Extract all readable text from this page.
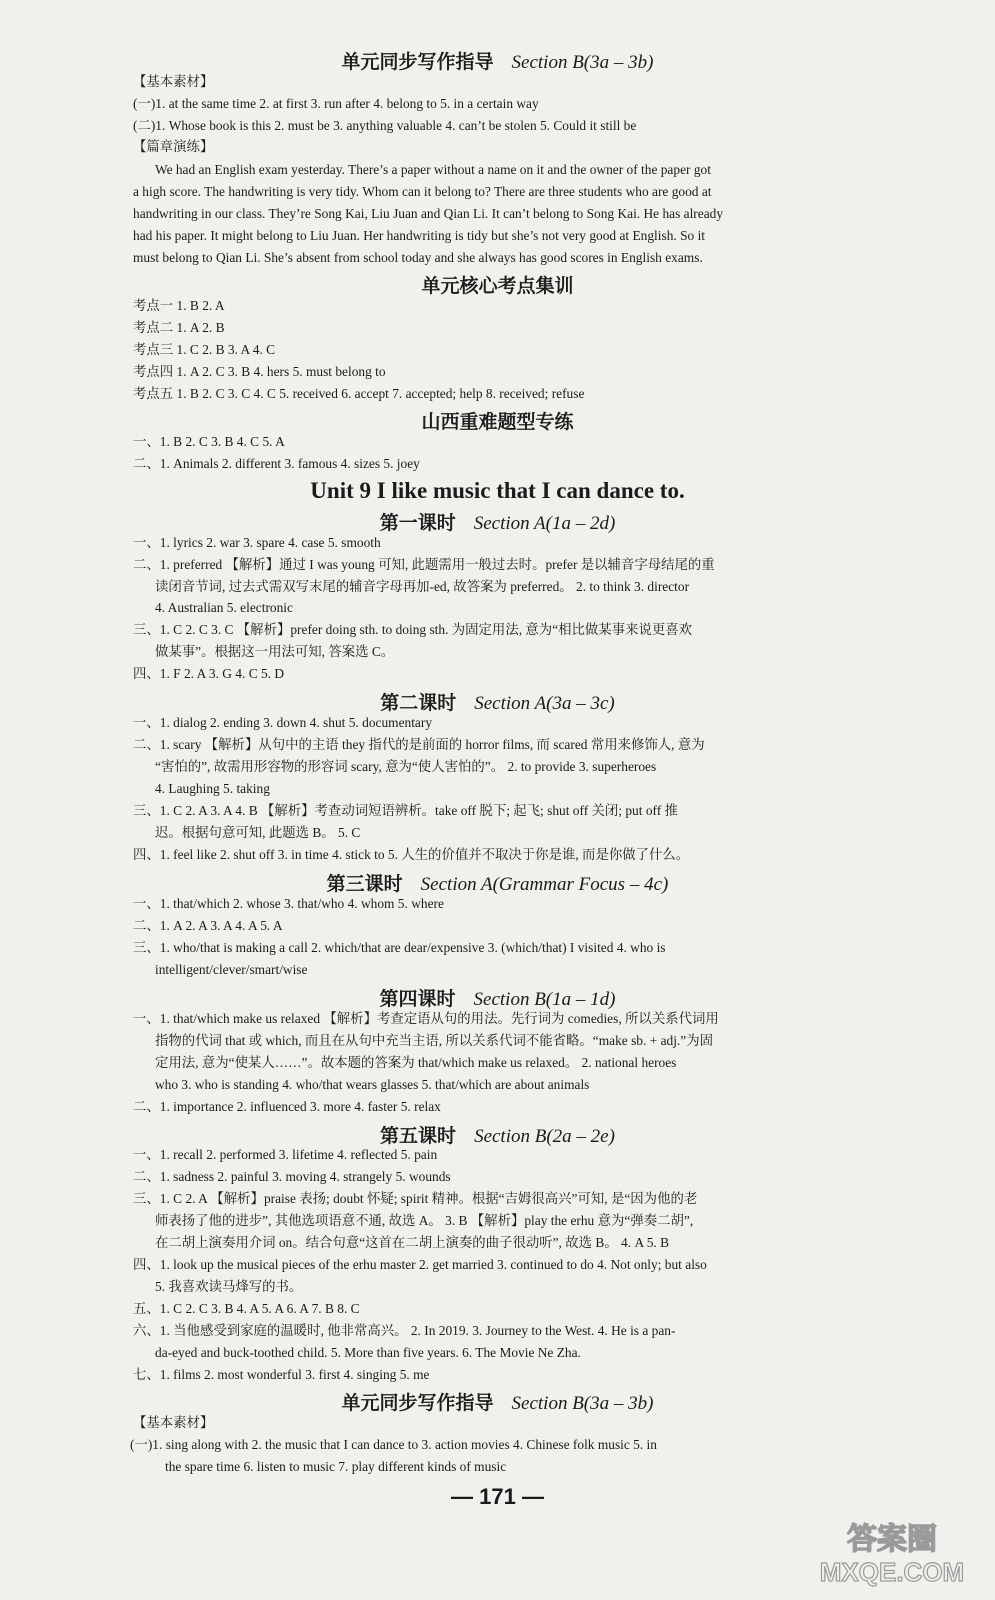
单元同步写作指导 Section B(3a – 3b)
【基本素材】
(一)1. at the same time 2. at first 3. run after 4. belong to 5. in a certain way
(二)1. Whose book is this 2. must be 3. anything valuable 4. can’t be stolen 5. Could it still be
【篇章演练】
We had an English exam yesterday. There’s a paper without a name on it and the owner of the paper got
a high score. The handwriting is very tidy. Whom can it belong to? There are three students who are good at
handwriting in our class. They’re Song Kai, Liu Juan and Qian Li. It can’t belong to Song Kai. He has already
had his paper. It might belong to Liu Juan. Her handwriting is tidy but she’s not very good at English. So it
must belong to Qian Li. She’s absent from school today and she always has good scores in English exams.
单元核心考点集训
考点一 1. B 2. A
考点二 1. A 2. B
考点三 1. C 2. B 3. A 4. C
考点四 1. A 2. C 3. B 4. hers 5. must belong to
考点五 1. B 2. C 3. C 4. C 5. received 6. accept 7. accepted; help 8. received; refuse
山西重难题型专练
一、1. B 2. C 3. B 4. C 5. A
二、1. Animals 2. different 3. famous 4. sizes 5. joey
Unit 9 I like music that I can dance to.
第一课时 Section A(1a – 2d)
一、1. lyrics 2. war 3. spare 4. case 5. smooth
二、1. preferred 【解析】通过 I was young 可知, 此题需用一般过去时。prefer 是以辅音字母结尾的重
读闭音节词, 过去式需双写末尾的辅音字母再加-ed, 故答案为 preferred。 2. to think 3. director
4. Australian 5. electronic
三、1. C 2. C 3. C 【解析】prefer doing sth. to doing sth. 为固定用法, 意为“相比做某事来说更喜欢
做某事”。根据这一用法可知, 答案选 C。
四、1. F 2. A 3. G 4. C 5. D
第二课时 Section A(3a – 3c)
一、1. dialog 2. ending 3. down 4. shut 5. documentary
二、1. scary 【解析】从句中的主语 they 指代的是前面的 horror films, 而 scared 常用来修饰人, 意为
“害怕的”, 故需用形容物的形容词 scary, 意为“使人害怕的”。 2. to provide 3. superheroes
4. Laughing 5. taking
三、1. C 2. A 3. A 4. B 【解析】考查动词短语辨析。take off 脱下; 起飞; shut off 关闭; put off 推
迟。根据句意可知, 此题选 B。 5. C
四、1. feel like 2. shut off 3. in time 4. stick to 5. 人生的价值并不取决于你是谁, 而是你做了什么。
第三课时 Section A(Grammar Focus – 4c)
一、1. that/which 2. whose 3. that/who 4. whom 5. where
二、1. A 2. A 3. A 4. A 5. A
三、1. who/that is making a call 2. which/that are dear/expensive 3. (which/that) I visited 4. who is
intelligent/clever/smart/wise
第四课时 Section B(1a – 1d)
一、1. that/which make us relaxed 【解析】考查定语从句的用法。先行词为 comedies, 所以关系代词用
指物的代词 that 或 which, 而且在从句中充当主语, 所以关系代词不能省略。“make sb. + adj.”为固
定用法, 意为“使某人……”。故本题的答案为 that/which make us relaxed。 2. national heroes
who 3. who is standing 4. who/that wears glasses 5. that/which are about animals
二、1. importance 2. influenced 3. more 4. faster 5. relax
第五课时 Section B(2a – 2e)
一、1. recall 2. performed 3. lifetime 4. reflected 5. pain
二、1. sadness 2. painful 3. moving 4. strangely 5. wounds
三、1. C 2. A 【解析】praise 表扬; doubt 怀疑; spirit 精神。根据“吉姆很高兴”可知, 是“因为他的老
师表扬了他的进步”, 其他选项语意不通, 故选 A。 3. B 【解析】play the erhu 意为“弹奏二胡”,
在二胡上演奏用介词 on。结合句意“这首在二胡上演奏的曲子很动听”, 故选 B。 4. A 5. B
四、1. look up the musical pieces of the erhu master 2. get married 3. continued to do 4. Not only; but also
5. 我喜欢读马烽写的书。
五、1. C 2. C 3. B 4. A 5. A 6. A 7. B 8. C
六、1. 当他感受到家庭的温暖时, 他非常高兴。 2. In 2019. 3. Journey to the West. 4. He is a pan-
da-eyed and buck-toothed child. 5. More than five years. 6. The Movie Ne Zha.
七、1. films 2. most wonderful 3. first 4. singing 5. me
单元同步写作指导 Section B(3a – 3b)
【基本素材】
(一)1. sing along with 2. the music that I can dance to 3. action movies 4. Chinese folk music 5. in
the spare time 6. listen to music 7. play different kinds of music
— 171 —
答案圈
MXQE.COM
